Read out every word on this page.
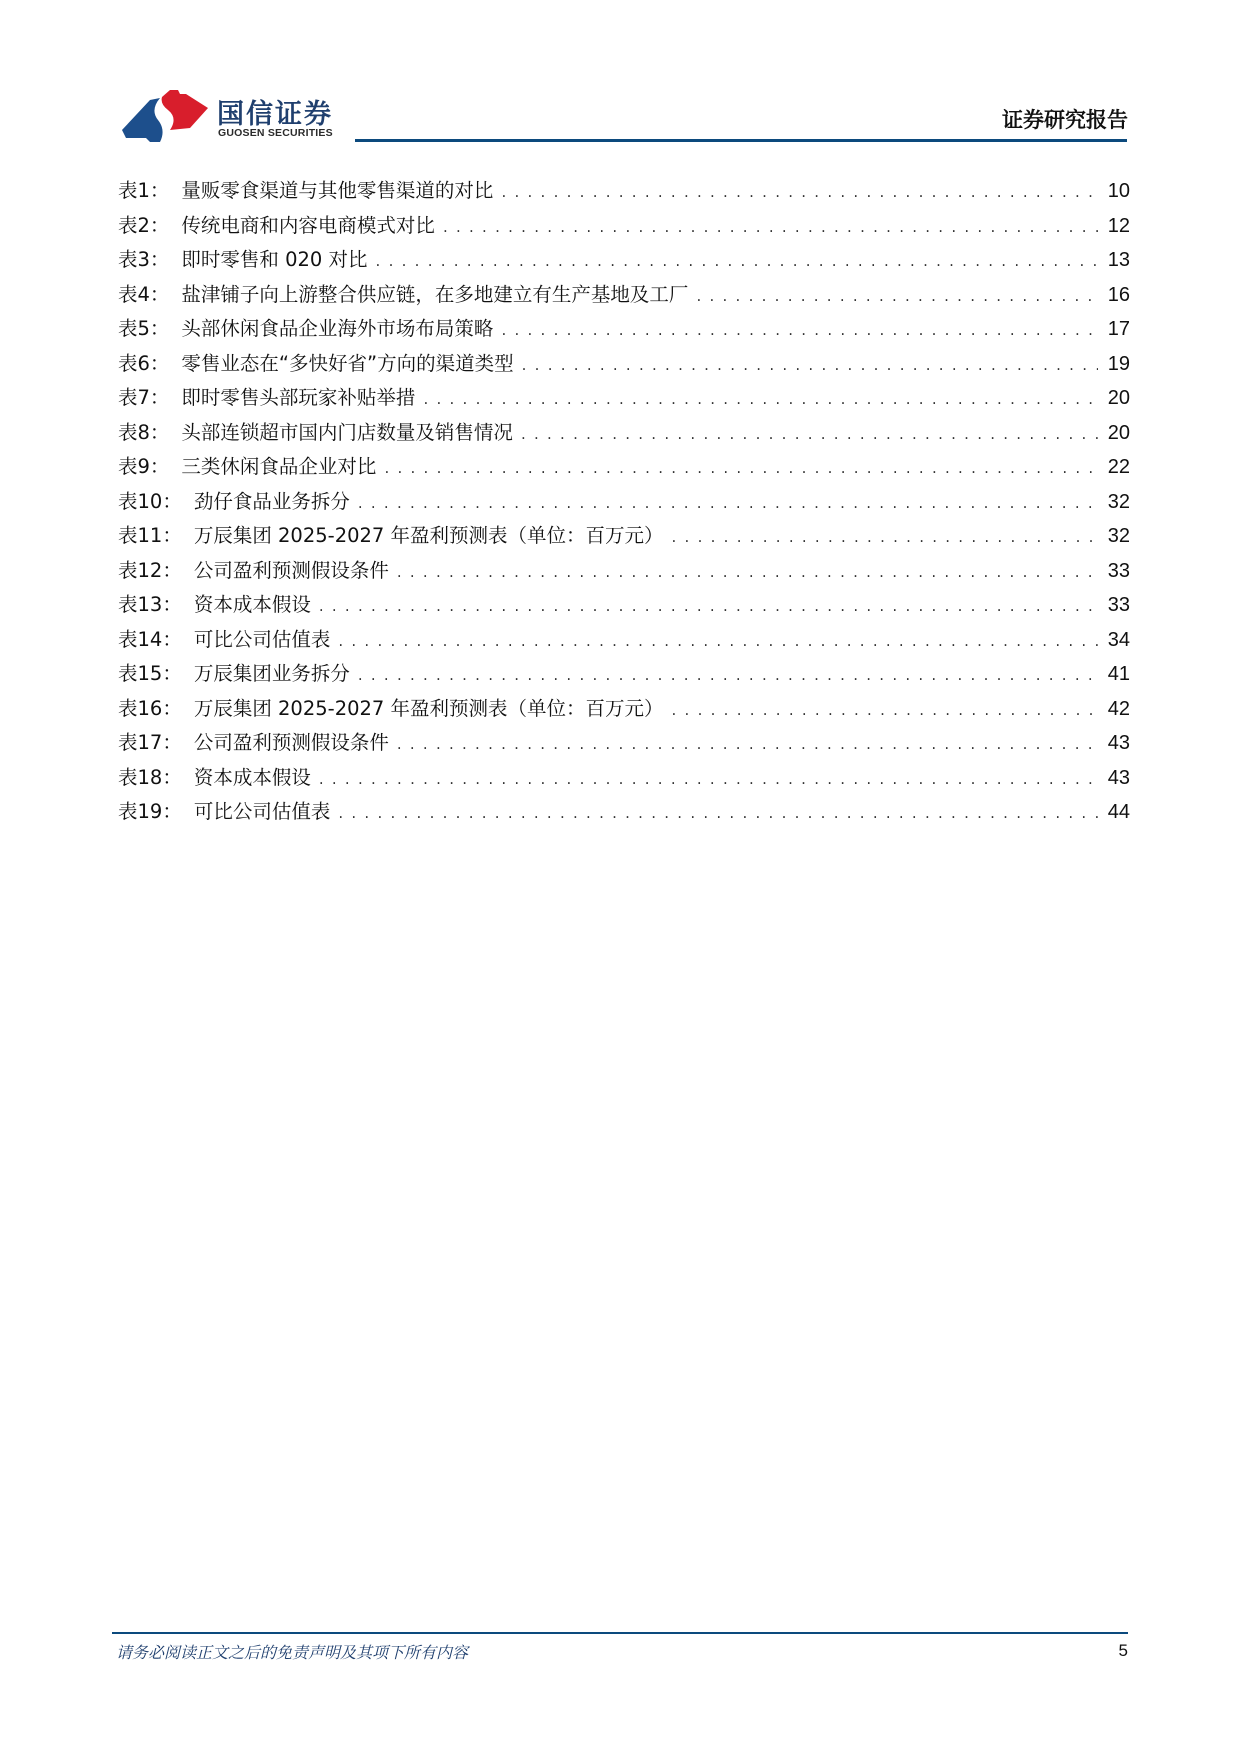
国信证券
GUOSEN SECURITIES
证券研究报告
表1： 量贩零食渠道与其他零售渠道的对比 . . .	10
表2： 传统电商和内容电商模式对比 . . .	12
表3： 即时零售和 020 对比 . . .	13
表4： 盐津铺子向上游整合供应链，在多地建立有生产基地及工厂 . . .	16
表5： 头部休闲食品企业海外市场布局策略 . . .	17
表6： 零售业态在“多快好省”方向的渠道类型 . . .	19
表7： 即时零售头部玩家补贴举措 . . .	20
表8： 头部连锁超市国内门店数量及销售情况 . . .	20
表9： 三类休闲食品企业对比 . . .	22
表10： 劲仔食品业务拆分 . . .	32
表11： 万辰集团 2025-2027 年盈利预测表（单位：百万元） . . .	32
表12： 公司盈利预测假设条件 . . .	33
表13： 资本成本假设 . . .	33
表14： 可比公司估值表 . . .	34
表15： 万辰集团业务拆分 . . .	41
表16： 万辰集团 2025-2027 年盈利预测表（单位：百万元） . . .	42
表17： 公司盈利预测假设条件 . . .	43
表18： 资本成本假设 . . .	43
表19： 可比公司估值表 . . .	44
请务必阅读正文之后的免责声明及其项下所有内容	5
